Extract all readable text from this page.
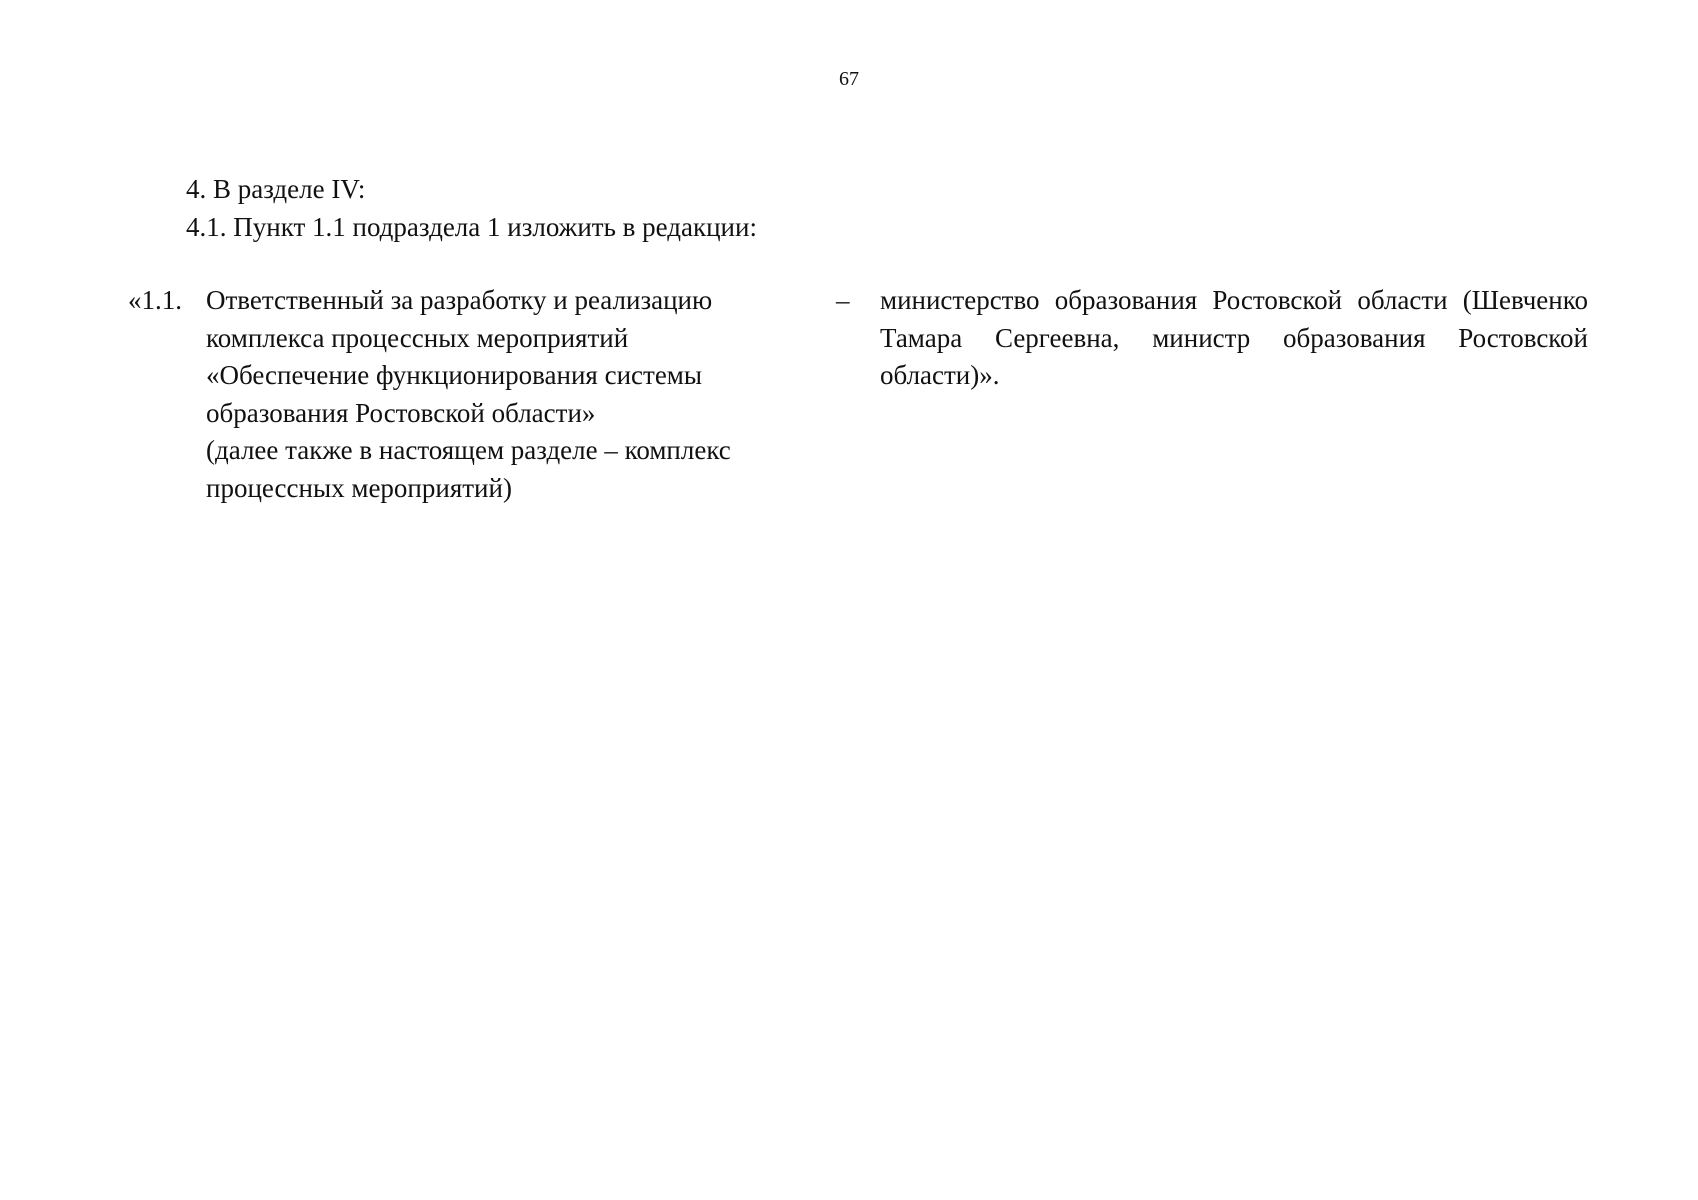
67
4. В разделе IV:
4.1. Пункт 1.1 подраздела 1 изложить в редакции:
«1.1. Ответственный за разработку и реализацию
комплекса процессных мероприятий
«Обеспечение функционирования системы
образования Ростовской области»
(далее также в настоящем разделе – комплекс
процессных мероприятий)
– министерство образования Ростовской области (Шевченко Тамара Сергеевна, министр образования Ростовской области)».
